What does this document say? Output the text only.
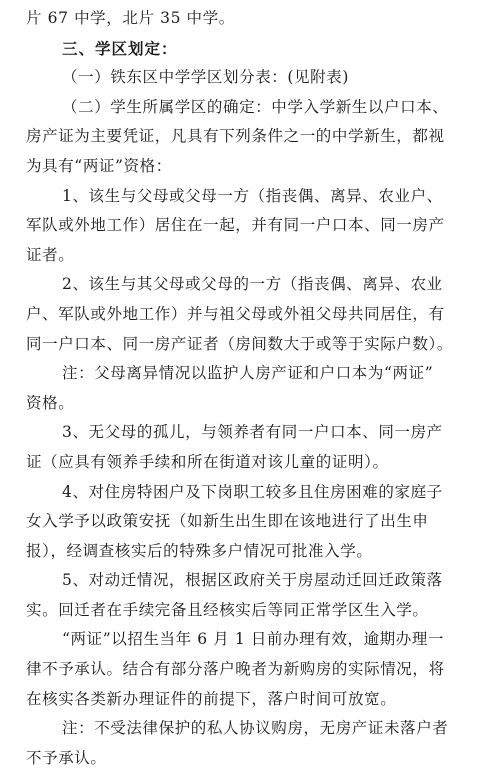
片 67 中学，北片 35 中学。
三、学区划定：
（一）铁东区中学学区划分表：(见附表)
（二）学生所属学区的确定：中学入学新生以户口本、
房产证为主要凭证，凡具有下列条件之一的中学新生，都视
为具有“两证”资格：
1、该生与父母或父母一方（指丧偶、离异、农业户、
军队或外地工作）居住在一起，并有同一户口本、同一房产
证者。
2、该生与其父母或父母的一方（指丧偶、离异、农业
户、军队或外地工作）并与祖父母或外祖父母共同居住，有
同一户口本、同一房产证者（房间数大于或等于实际户数）。
注：父母离异情况以监护人房产证和户口本为“两证”
资格。
3、无父母的孤儿，与领养者有同一户口本、同一房产
证（应具有领养手续和所在街道对该儿童的证明）。
4、对住房特困户及下岗职工较多且住房困难的家庭子
女入学予以政策安抚（如新生出生即在该地进行了出生申
报），经调查核实后的特殊多户情况可批准入学。
5、对动迁情况，根据区政府关于房屋动迁回迁政策落
实。回迁者在手续完备且经核实后等同正常学区生入学。
“两证”以招生当年 6 月 1 日前办理有效，逾期办理一
律不予承认。结合有部分落户晚者为新购房的实际情况，将
在核实各类新办理证件的前提下，落户时间可放宽。
注：不受法律保护的私人协议购房，无房产证未落户者
不予承认。
